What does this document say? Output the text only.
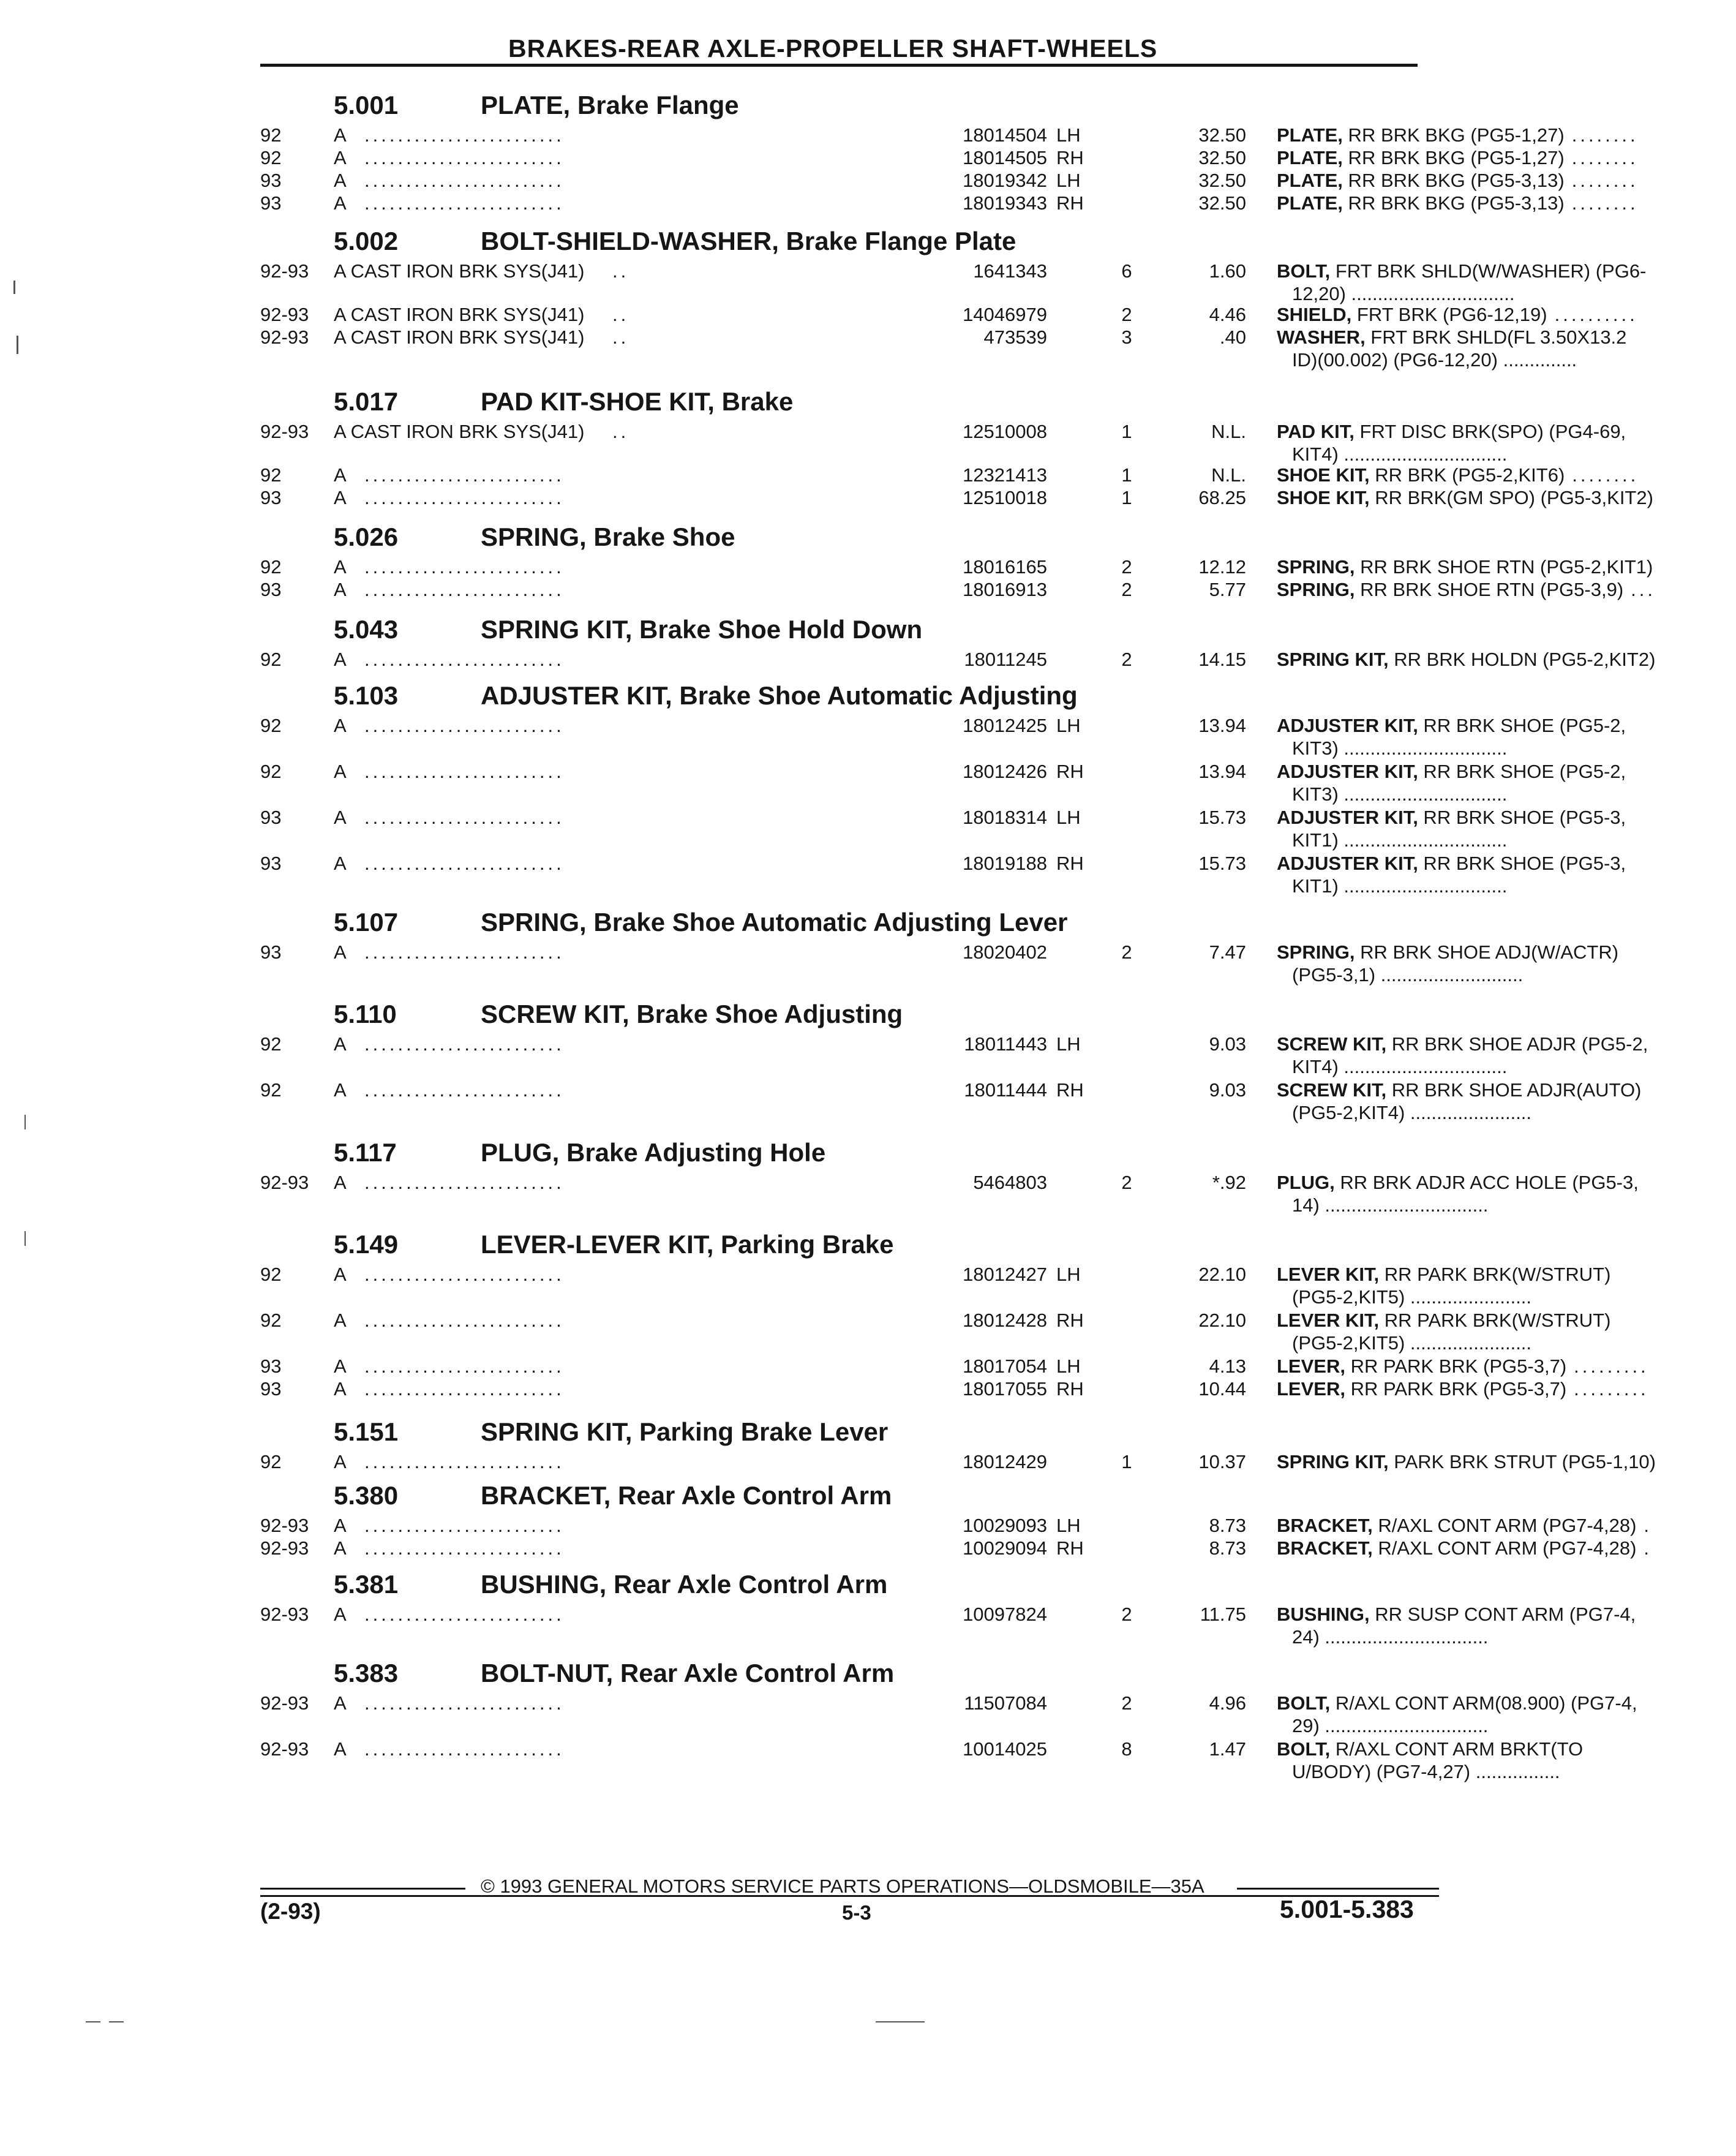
BRAKES-REAR AXLE-PROPELLER SHAFT-WHEELS
5.001	PLATE, Brake Flange
92	A ........................	18014504 LH	32.50 PLATE, RR BRK BKG (PG5-1,27) ........
92	A ........................	18014505 RH	32.50 PLATE, RR BRK BKG (PG5-1,27) ........
93	A ........................	18019342 LH	32.50 PLATE, RR BRK BKG (PG5-3,13) ........
93	A ........................	18019343 RH	32.50 PLATE, RR BRK BKG (PG5-3,13) ........
5.002	BOLT-SHIELD-WASHER, Brake Flange Plate
92-93 A CAST IRON BRK SYS(J41) ..	1641343	6	1.60 BOLT, FRT BRK SHLD(W/WASHER) (PG6-
12,20) ...............................
92-93 A CAST IRON BRK SYS(J41) ..	14046979	2	4.46 SHIELD, FRT BRK (PG6-12,19) ..........
92-93 A CAST IRON BRK SYS(J41) ..	473539	3	.40 WASHER, FRT BRK SHLD(FL 3.50X13.2
ID)(00.002) (PG6-12,20) ..............
5.017	PAD KIT-SHOE KIT, Brake
92-93 A CAST IRON BRK SYS(J41) ..	12510008	1	N.L. PAD KIT, FRT DISC BRK(SPO) (PG4-69,
KIT4) ...............................
92	A ........................	12321413	1	N.L. SHOE KIT, RR BRK (PG5-2,KIT6) ........
93	A ........................	12510018	1	68.25 SHOE KIT, RR BRK(GM SPO) (PG5-3,KIT2)
5.026	SPRING, Brake Shoe
92	A ........................	18016165	2	12.12 SPRING, RR BRK SHOE RTN (PG5-2,KIT1)
93	A ........................	18016913	2	5.77 SPRING, RR BRK SHOE RTN (PG5-3,9) ...
5.043	SPRING KIT, Brake Shoe Hold Down
92	A ........................	18011245	2	14.15 SPRING KIT, RR BRK HOLDN (PG5-2,KIT2)
5.103	ADJUSTER KIT, Brake Shoe Automatic Adjusting
92	A ........................	18012425 LH	13.94 ADJUSTER KIT, RR BRK SHOE (PG5-2,
KIT3) ...............................
92	A ........................	18012426 RH	13.94 ADJUSTER KIT, RR BRK SHOE (PG5-2,
KIT3) ...............................
93	A ........................	18018314 LH	15.73 ADJUSTER KIT, RR BRK SHOE (PG5-3,
KIT1) ...............................
93	A ........................	18019188 RH	15.73 ADJUSTER KIT, RR BRK SHOE (PG5-3,
KIT1) ...............................
5.107	SPRING, Brake Shoe Automatic Adjusting Lever
93	A ........................	18020402	2	7.47 SPRING, RR BRK SHOE ADJ(W/ACTR)
(PG5-3,1) ...........................
5.110	SCREW KIT, Brake Shoe Adjusting
92	A ........................	18011443 LH	9.03 SCREW KIT, RR BRK SHOE ADJR (PG5-2,
KIT4) ...............................
92	A ........................	18011444 RH	9.03 SCREW KIT, RR BRK SHOE ADJR(AUTO)
(PG5-2,KIT4) .......................
5.117	PLUG, Brake Adjusting Hole
92-93 A ........................	5464803	2	*.92 PLUG, RR BRK ADJR ACC HOLE (PG5-3,
14) ...............................
5.149	LEVER-LEVER KIT, Parking Brake
92	A ........................	18012427 LH	22.10 LEVER KIT, RR PARK BRK(W/STRUT)
(PG5-2,KIT5) .......................
92	A ........................	18012428 RH	22.10 LEVER KIT, RR PARK BRK(W/STRUT)
(PG5-2,KIT5) .......................
93	A ........................	18017054 LH	4.13 LEVER, RR PARK BRK (PG5-3,7) .........
93	A ........................	18017055 RH	10.44 LEVER, RR PARK BRK (PG5-3,7) .........
5.151	SPRING KIT, Parking Brake Lever
92	A ........................	18012429	1	10.37 SPRING KIT, PARK BRK STRUT (PG5-1,10)
5.380	BRACKET, Rear Axle Control Arm
92-93 A ........................	10029093 LH	8.73 BRACKET, R/AXL CONT ARM (PG7-4,28) .
92-93 A ........................	10029094 RH	8.73 BRACKET, R/AXL CONT ARM (PG7-4,28) .
5.381	BUSHING, Rear Axle Control Arm
92-93 A ........................	10097824	2	11.75 BUSHING, RR SUSP CONT ARM (PG7-4,
24) ...............................
5.383	BOLT-NUT, Rear Axle Control Arm
92-93 A ........................	11507084	2	4.96 BOLT, R/AXL CONT ARM(08.900) (PG7-4,
29) ...............................
92-93 A ........................	10014025	8	1.47 BOLT, R/AXL CONT ARM BRKT(TO
U/BODY) (PG7-4,27) ................
© 1993 GENERAL MOTORS SERVICE PARTS OPERATIONS—OLDSMOBILE—35A
(2-93)	5-3	5.001-5.383
